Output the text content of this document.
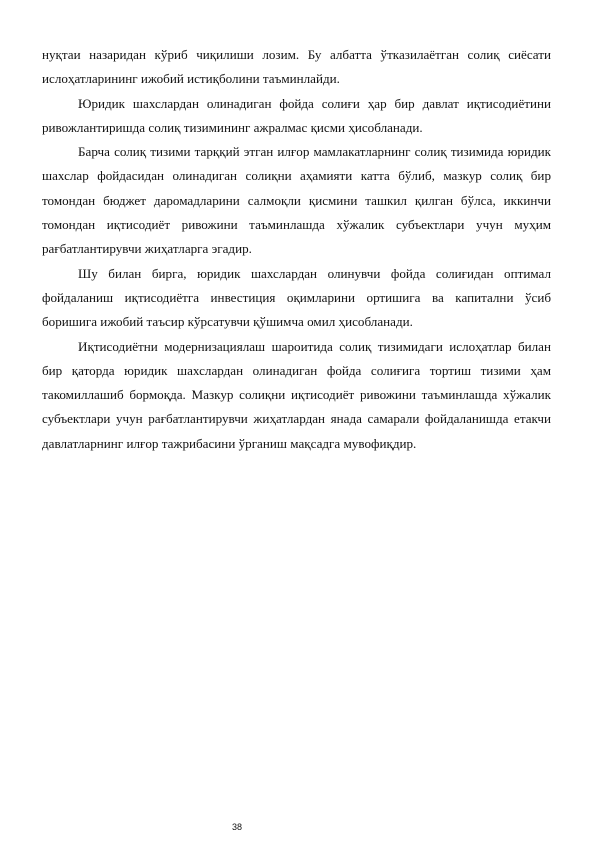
нуқтаи назаридан кўриб чиқилиши лозим. Бу албатта ўтказилаётган солиқ сиёсати ислоҳатларининг ижобий истиқболини таъминлайди.

Юридик шахслардан олинадиган фойда солиғи ҳар бир давлат иқтисодиётини ривожлантиришда солиқ тизимининг ажралмас қисми ҳисобланади.

Барча солиқ тизими тарққий этган илғор мамлакатларнинг солиқ тизимида юридик шахслар фойдасидан олинадиган солиқни аҳамияти катта бўлиб, мазкур солиқ бир томондан бюджет даромадларини салмоқли қисмини ташкил қилган бўлса, иккинчи томондан иқтисодиёт ривожини таъминлашда хўжалик субъектлари учун муҳим рағбатлантирувчи жиҳатларга эгадир.

Шу билан бирга, юридик шахслардан олинувчи фойда солиғидан оптимал фойдаланиш иқтисодиётга инвестиция оқимларини ортишига ва капитални ўсиб боришига ижобий таъсир кўрсатувчи қўшимча омил ҳисобланади.

Иқтисодиётни модернизациялаш шароитида солиқ тизимидаги ислоҳатлар билан бир қаторда юридик шахслардан олинадиган фойда солиғига тортиш тизими ҳам такомиллашиб бормоқда. Мазкур солиқни иқтисодиёт ривожини таъминлашда хўжалик субъектлари учун рағбатлантирувчи жиҳатлардан янада самарали фойдаланишда етакчи давлатларнинг илғор тажрибасини ўрганиш мақсадга мувофиқдир.

38
